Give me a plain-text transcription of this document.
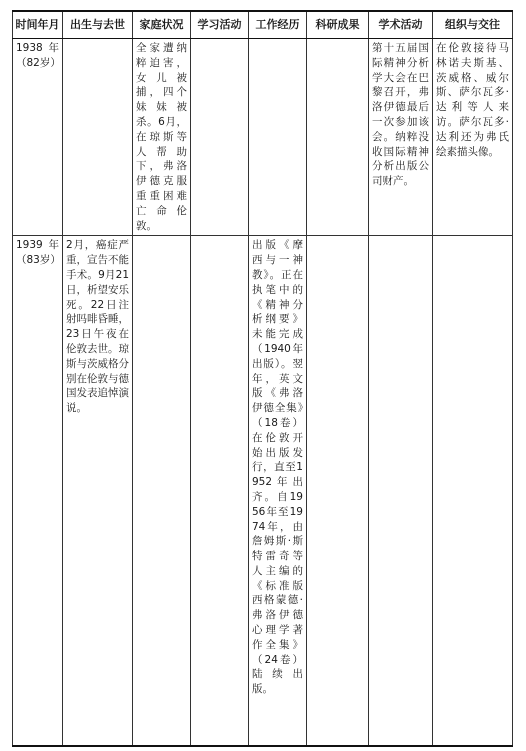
时间年月	出生与去世	家庭状况	学习活动	工作经历	科研成果	学术活动	组织与交往

1938年（82岁）		全家遭纳粹迫害，女儿被捕，四个妹妹被杀。6月，在琼斯等人帮助下，弗洛伊德克服重重困难亡命伦敦。				第十五届国际精神分析学大会在巴黎召开，弗洛伊德最后一次参加该会。纳粹没收国际精神分析出版公司财产。	在伦敦接待马林诺夫斯基、茨威格、威尔斯、萨尔瓦多·达利等人来访。萨尔瓦多·达利还为弗氏绘素描头像。

1939年（83岁）	2月，癌症严重，宣告不能手术。9月21日，析望安乐死。22日注射吗啡昏睡，23日午夜在伦敦去世。琼斯与茨威格分别在伦敦与德国发表追悼演说。			出版《摩西与一神教》。正在执笔中的《精神分析纲要》未能完成（1940年出版）。翌年，英文版《弗洛伊德全集》（18卷）在伦敦开始出版发行，直至1952年出齐。自1956年至1974年，由詹姆斯·斯特雷奇等人主编的《标准版西格蒙德·弗洛伊德心理学著作全集》（24卷）陆续出版。			
